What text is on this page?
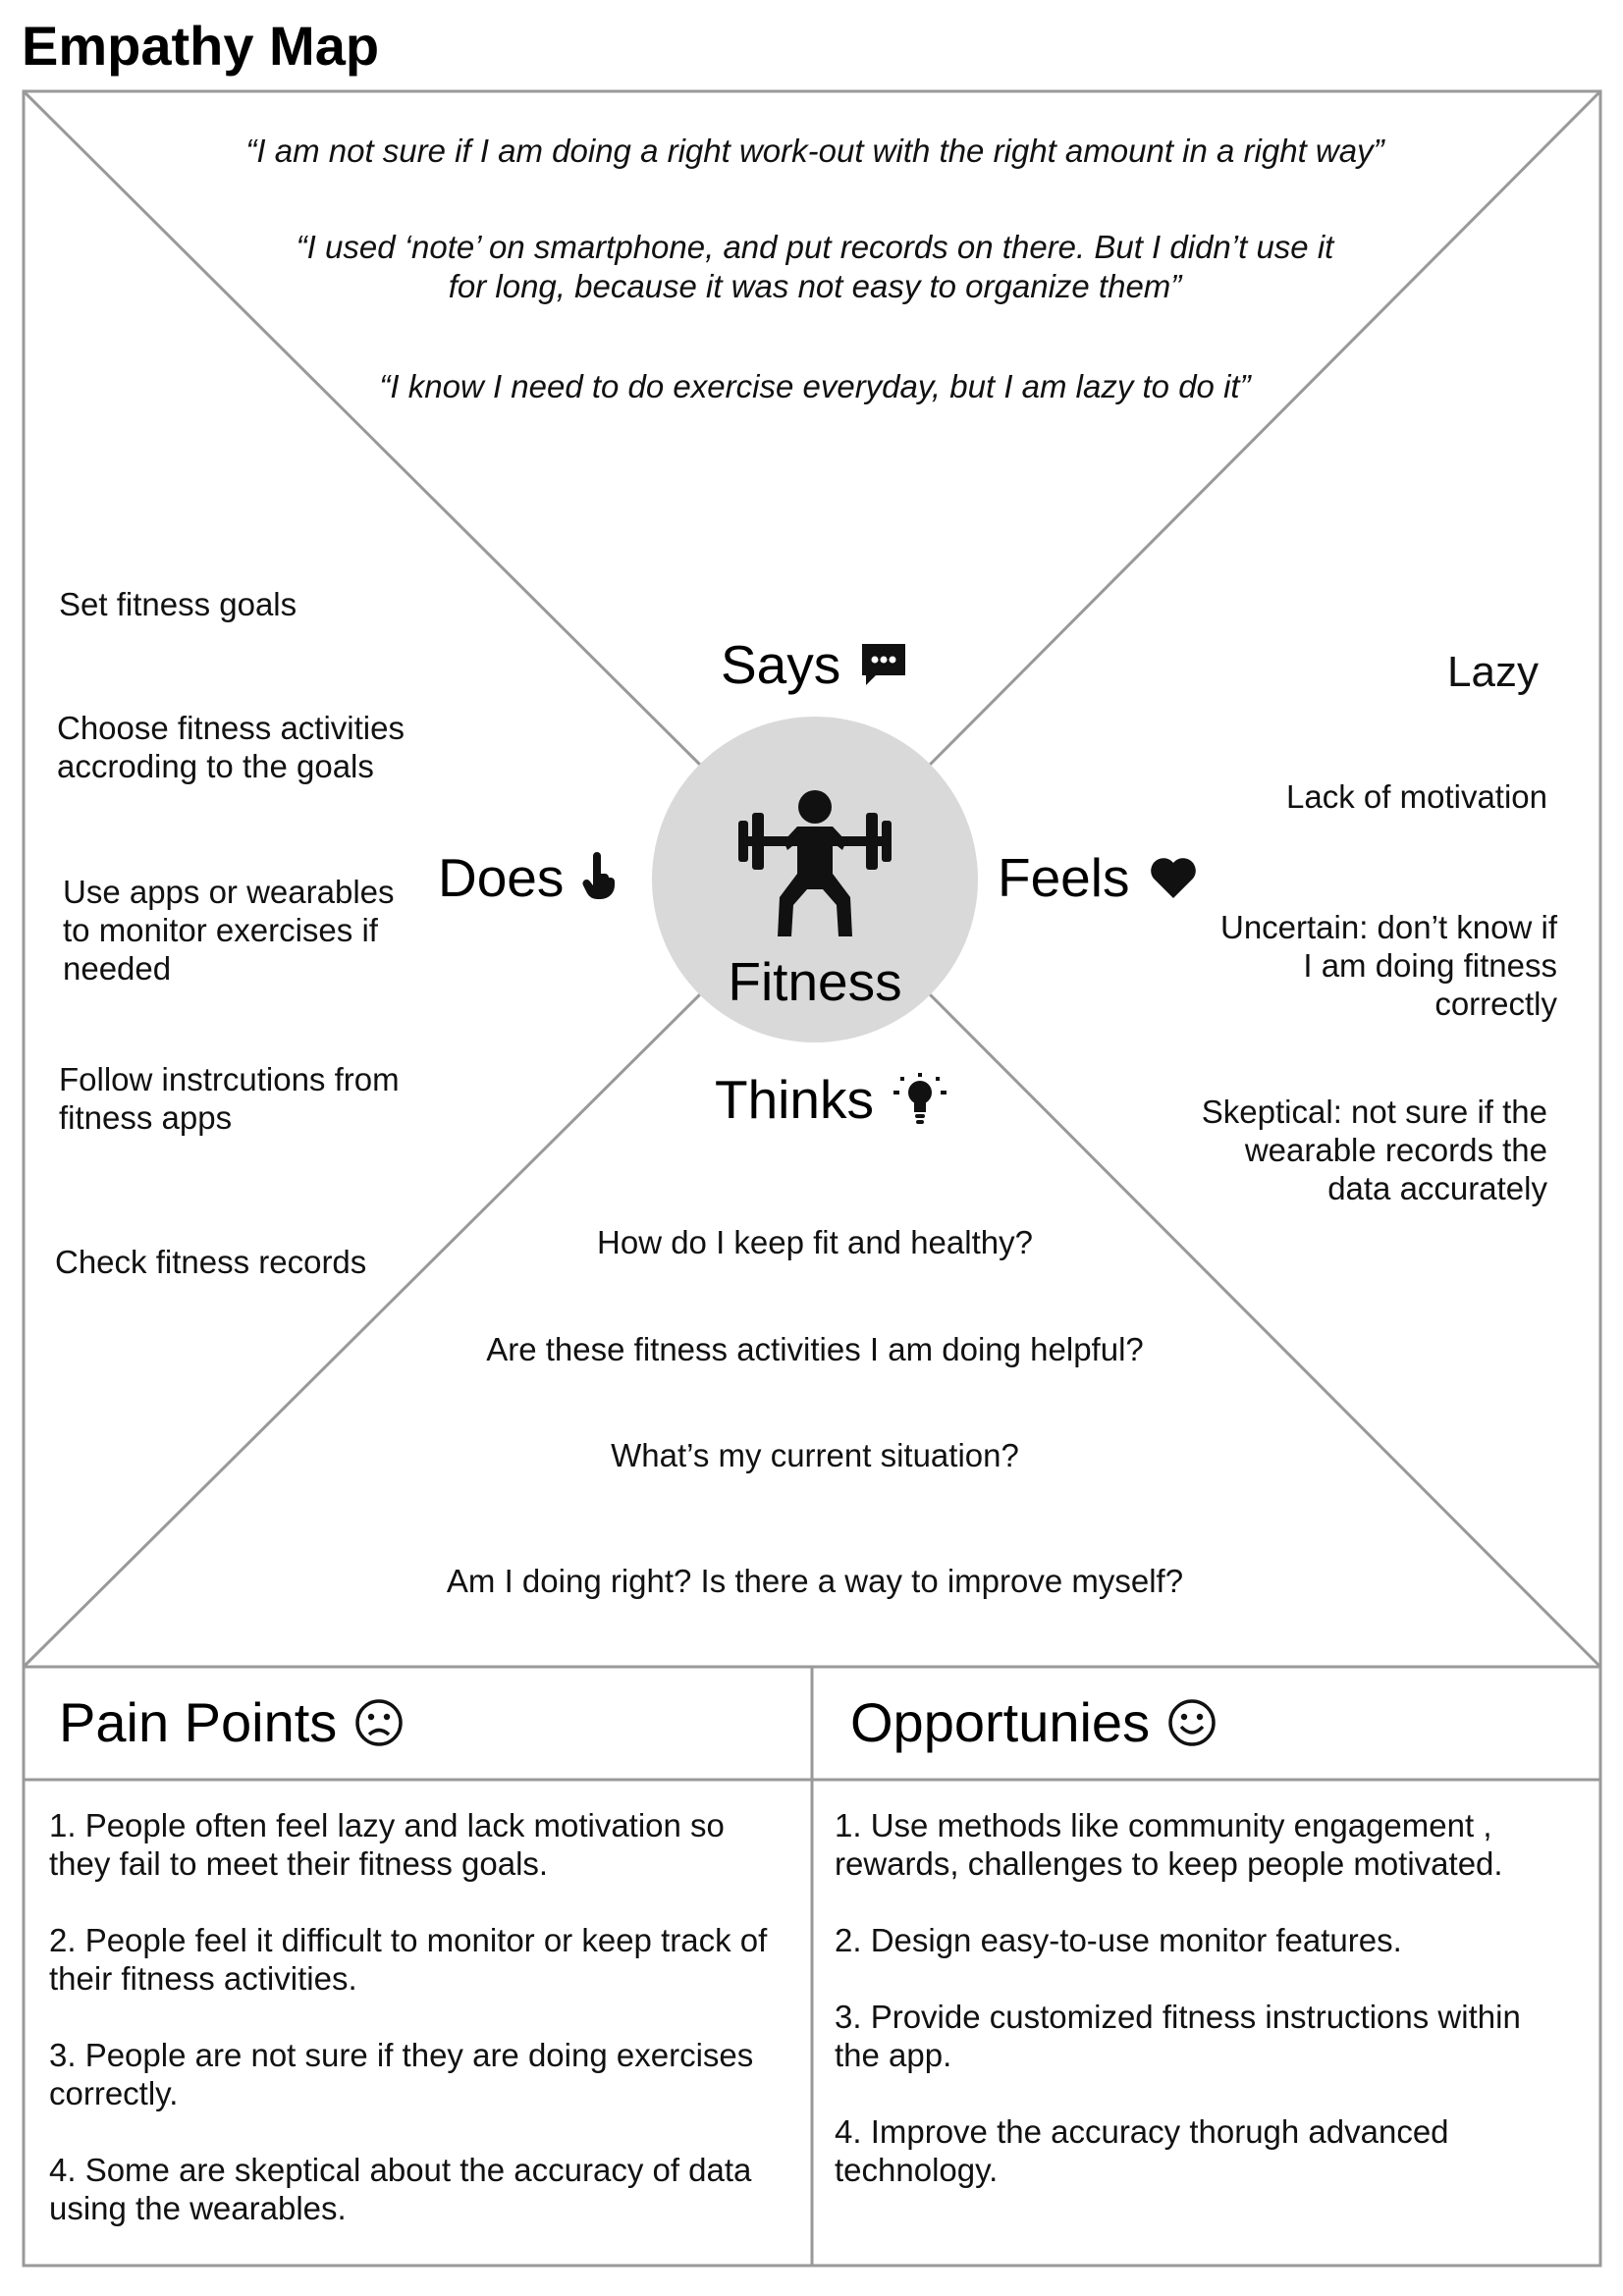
Empathy Map
Fitness
“I am not sure if I am doing a right work-out with the right amount in a right way”
“I used ‘note’ on smartphone, and put records on there. But I didn’t use it for long, because it was not easy to organize them”
“I know I need to do exercise everyday, but I am lazy to do it”
Says
Does
Set fitness goals
Choose fitness activities accroding to the goals
Use apps or wearables to monitor exercises if needed
Follow instrcutions from fitness apps
Check fitness records
Feels
Lazy
Lack of motivation
Uncertain: don’t know if I am doing fitness correctly
Skeptical: not sure if the wearable records the data accurately
Thinks
How do I keep fit and healthy?
Are these fitness activities I am doing helpful?
What’s my current situation?
Am I doing right? Is there a way to improve myself?
Pain Points

1. People often feel lazy and lack motivation so they fail to meet their fitness goals.

2. People feel it difficult to monitor or keep track of their fitness activities.

3. People are not sure if they are doing exercises correctly.

4. Some are skeptical about the accuracy of data using the wearables.

Opportunies

1. Use methods like community engagement , rewards, challenges to keep people motivated.

2. Design easy-to-use monitor features.

3. Provide customized fitness instructions within the app.

4. Improve the accuracy thorugh advanced technology.
